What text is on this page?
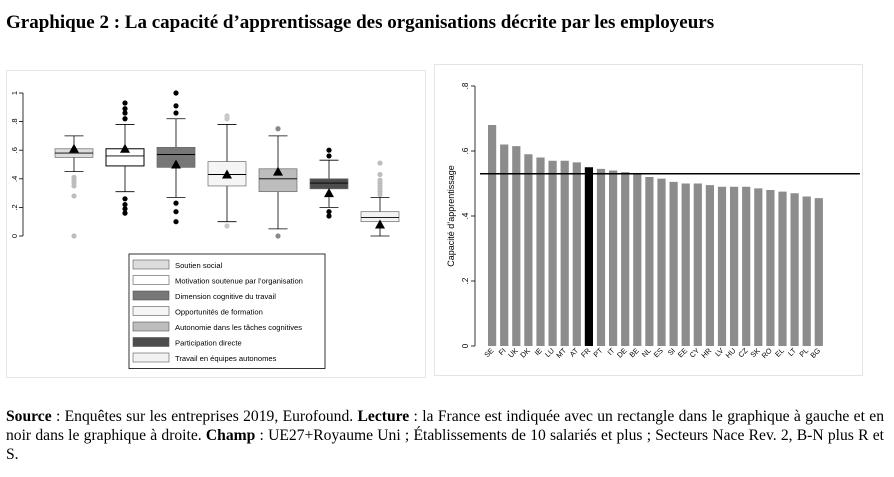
Graphique 2 : La capacité d’apprentissage des organisations décrite par les employeurs
0
.2
.4
.6
.8
1
Soutien social
Motivation soutenue par l’organisation
Dimension cognitive du travail
Opportunités de formation
Autonomie dans les tâches cognitives
Participation directe
Travail en équipes autonomes
0
.2
.4
.6
.8
Capacité d’apprentissage
SE FI
UK
DK IE LU
MT AT
FR PT IT
DE
BE NL
ES SI
EE
CY
HR LV
HU
CZ
SK
RO EL LT PL
BG
Source : Enquêtes sur les entreprises 2019, Eurofound. Lecture : la France est indiquée avec un rectangle dans le graphique à gauche et en noir dans le graphique à droite. Champ : UE27+Royaume Uni ; Établissements de 10 salariés et plus ; Secteurs Nace Rev. 2, B-N plus R et S.
